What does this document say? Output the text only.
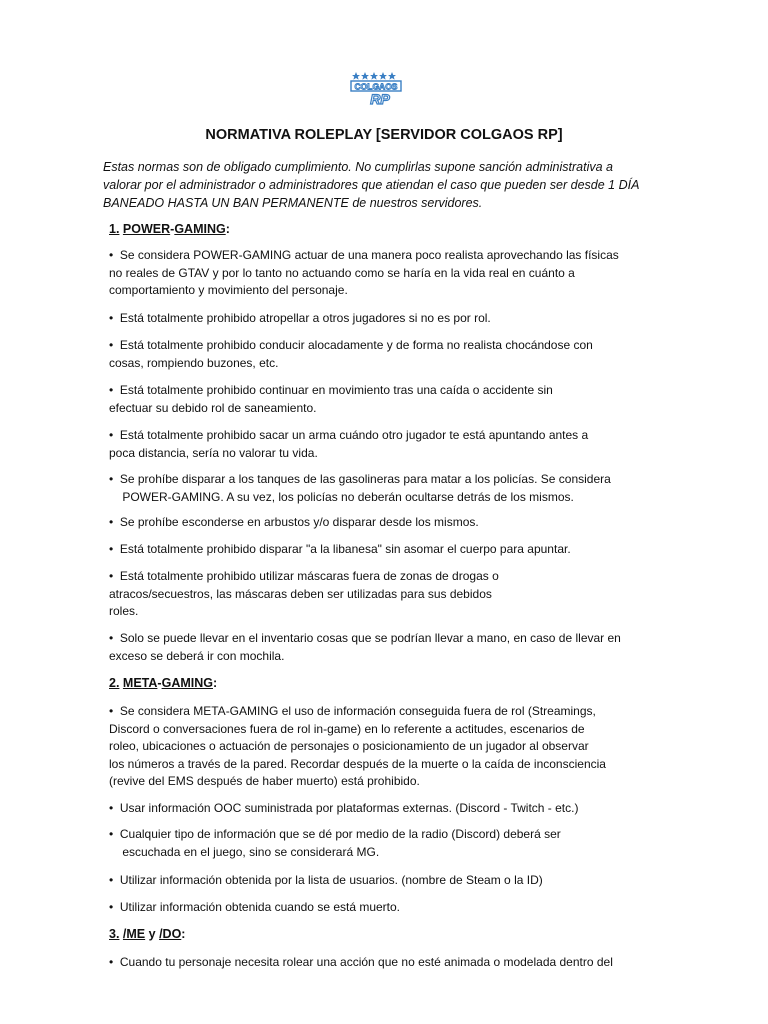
COLGAOS
RP
NORMATIVA ROLEPLAY [SERVIDOR COLGAOS RP]
Estas normas son de obligado cumplimiento. No cumplirlas supone sanción administrativa a
valorar por el administrador o administradores que atiendan el caso que pueden ser desde 1 DÍA
BANEADO HASTA UN BAN PERMANENTE de nuestros servidores.
1. POWER-GAMING:
•  Se considera POWER-GAMING actuar de una manera poco realista aprovechando las físicas
no reales de GTAV y por lo tanto no actuando como se haría en la vida real en cuánto a
comportamiento y movimiento del personaje.
•  Está totalmente prohibido atropellar a otros jugadores si no es por rol.
•  Está totalmente prohibido conducir alocadamente y de forma no realista chocándose con
cosas, rompiendo buzones, etc.
•  Está totalmente prohibido continuar en movimiento tras una caída o accidente sin
efectuar su debido rol de saneamiento.
•  Está totalmente prohibido sacar un arma cuándo otro jugador te está apuntando antes a
poca distancia, sería no valorar tu vida.
•  Se prohíbe disparar a los tanques de las gasolineras para matar a los policías. Se considera
POWER-GAMING. A su vez, los policías no deberán ocultarse detrás de los mismos.
•  Se prohíbe esconderse en arbustos y/o disparar desde los mismos.
•  Está totalmente prohibido disparar "a la libanesa" sin asomar el cuerpo para apuntar.
•  Está totalmente prohibido utilizar máscaras fuera de zonas de drogas o
atracos/secuestros, las máscaras deben ser utilizadas para sus debidos
roles.
•  Solo se puede llevar en el inventario cosas que se podrían llevar a mano, en caso de llevar en
exceso se deberá ir con mochila.
2. META-GAMING:
•  Se considera META-GAMING el uso de información conseguida fuera de rol (Streamings,
Discord o conversaciones fuera de rol in-game) en lo referente a actitudes, escenarios de
roleo, ubicaciones o actuación de personajes o posicionamiento de un jugador al observar
los números a través de la pared. Recordar después de la muerte o la caída de inconsciencia
(revive del EMS después de haber muerto) está prohibido.
•  Usar información OOC suministrada por plataformas externas. (Discord - Twitch - etc.)
•  Cualquier tipo de información que se dé por medio de la radio (Discord) deberá ser
escuchada en el juego, sino se considerará MG.
•  Utilizar información obtenida por la lista de usuarios. (nombre de Steam o la ID)
•  Utilizar información obtenida cuando se está muerto.
3. /ME y /DO:
•  Cuando tu personaje necesita rolear una acción que no esté animada o modelada dentro del
